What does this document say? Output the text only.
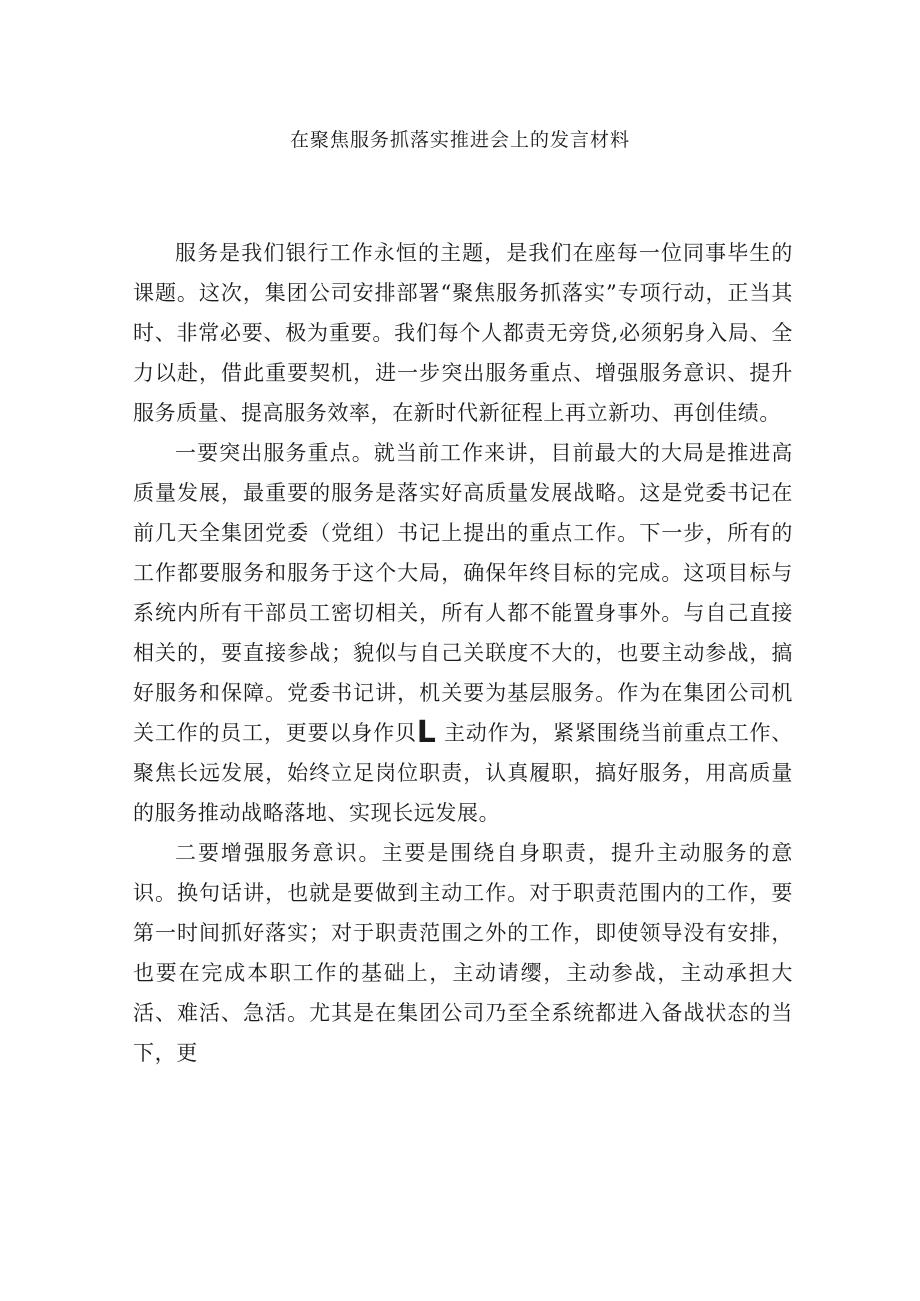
在聚焦服务抓落实推进会上的发言材料

服务是我们银行工作永恒的主题，是我们在座每一位同事毕生的课题。这次，集团公司安排部署“聚焦服务抓落实”专项行动，正当其时、非常必要、极为重要。我们每个人都责无旁贷,必须躬身入局、全力以赴，借此重要契机，进一步突出服务重点、增强服务意识、提升服务质量、提高服务效率，在新时代新征程上再立新功、再创佳绩。

一要突出服务重点。就当前工作来讲，目前最大的大局是推进高质量发展，最重要的服务是落实好高质量发展战略。这是党委书记在前几天全集团党委（党组）书记上提出的重点工作。下一步，所有的工作都要服务和服务于这个大局，确保年终目标的完成。这项目标与系统内所有干部员工密切相关，所有人都不能置身事外。与自己直接相关的，要直接参战；貌似与自己关联度不大的，也要主动参战，搞好服务和保障。党委书记讲，机关要为基层服务。作为在集团公司机关工作的员工，更要以身作贝L 主动作为，紧紧围绕当前重点工作、聚焦长远发展，始终立足岗位职责，认真履职，搞好服务，用高质量的服务推动战略落地、实现长远发展。

二要增强服务意识。主要是围绕自身职责，提升主动服务的意识。换句话讲，也就是要做到主动工作。对于职责范围内的工作，要第一时间抓好落实；对于职责范围之外的工作，即使领导没有安排，也要在完成本职工作的基础上，主动请缨，主动参战，主动承担大活、难活、急活。尤其是在集团公司乃至全系统都进入备战状态的当下，更
